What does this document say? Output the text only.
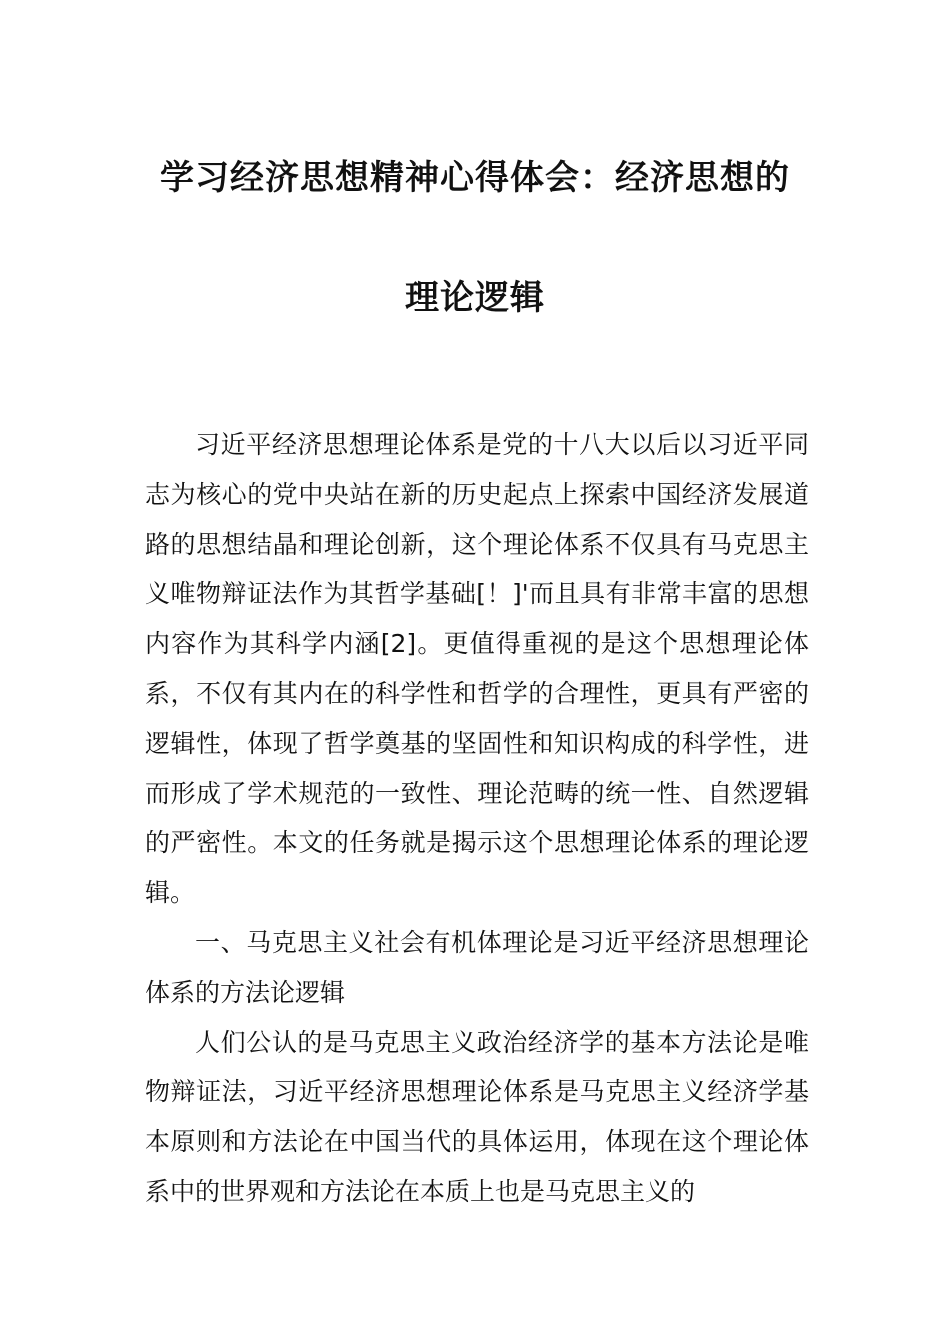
学习经济思想精神心得体会：经济思想的
理论逻辑

习近平经济思想理论体系是党的十八大以后以习近平同志为核心的党中央站在新的历史起点上探索中国经济发展道路的思想结晶和理论创新，这个理论体系不仅具有马克思主义唯物辩证法作为其哲学基础[！]'而且具有非常丰富的思想内容作为其科学内涵[2]。更值得重视的是这个思想理论体系，不仅有其内在的科学性和哲学的合理性，更具有严密的逻辑性，体现了哲学奠基的坚固性和知识构成的科学性，进而形成了学术规范的一致性、理论范畴的统一性、自然逻辑的严密性。本文的任务就是揭示这个思想理论体系的理论逻辑。

一、马克思主义社会有机体理论是习近平经济思想理论体系的方法论逻辑

人们公认的是马克思主义政治经济学的基本方法论是唯物辩证法，习近平经济思想理论体系是马克思主义经济学基本原则和方法论在中国当代的具体运用，体现在这个理论体系中的世界观和方法论在本质上也是马克思主义的
